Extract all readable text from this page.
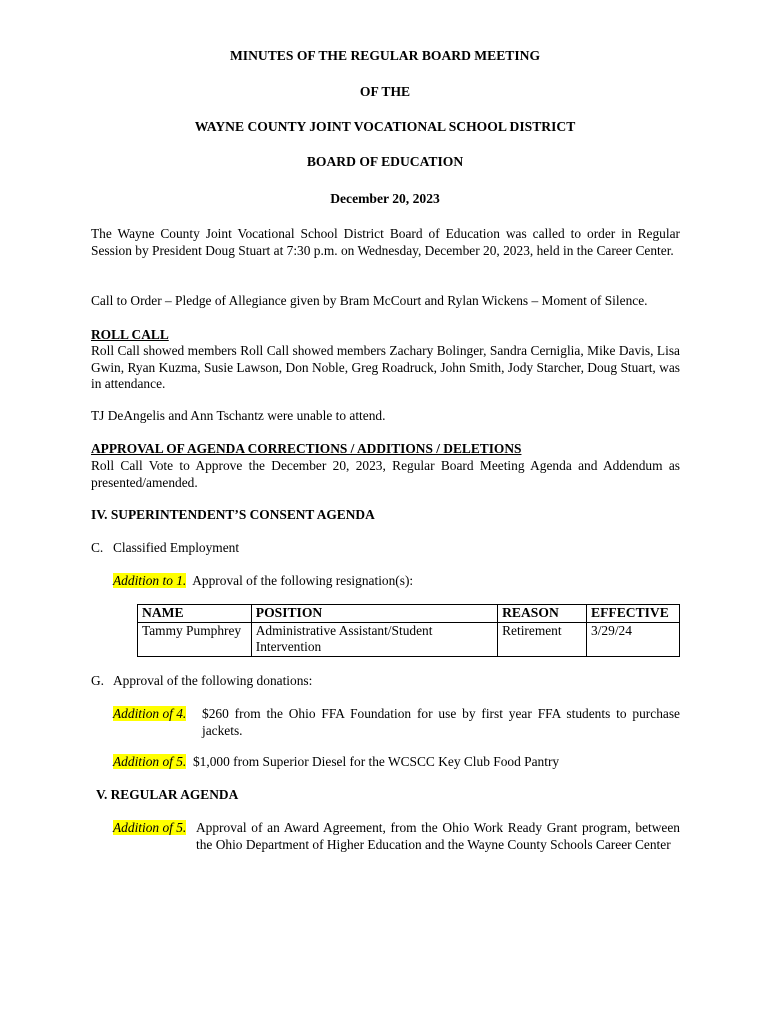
MINUTES OF THE REGULAR BOARD MEETING
OF THE
WAYNE COUNTY JOINT VOCATIONAL SCHOOL DISTRICT
BOARD OF EDUCATION
December 20, 2023
The Wayne County Joint Vocational School District Board of Education was called to order in Regular Session by President Doug Stuart at 7:30 p.m. on Wednesday, December 20, 2023, held in the Career Center.
Call to Order – Pledge of Allegiance given by Bram McCourt and Rylan Wickens – Moment of Silence.
ROLL CALL
Roll Call showed members Roll Call showed members Zachary Bolinger, Sandra Cerniglia, Mike Davis, Lisa Gwin, Ryan Kuzma, Susie Lawson, Don Noble, Greg Roadruck, John Smith, Jody Starcher, Doug Stuart, was in attendance.
TJ DeAngelis and Ann Tschantz were unable to attend.
APPROVAL OF AGENDA CORRECTIONS / ADDITIONS / DELETIONS
Roll Call Vote to Approve the December 20, 2023, Regular Board Meeting Agenda and Addendum as presented/amended.
IV. SUPERINTENDENT’S CONSENT AGENDA
C. Classified Employment
Addition to 1. Approval of the following resignation(s):
NAME	POSITION	REASON	EFFECTIVE
Tammy Pumphrey	Administrative Assistant/Student Intervention	Retirement	3/29/24
G. Approval of the following donations:
Addition of 4. $260 from the Ohio FFA Foundation for use by first year FFA students to purchase jackets.
Addition of 5. $1,000 from Superior Diesel for the WCSCC Key Club Food Pantry
V. REGULAR AGENDA
Addition of 5. Approval of an Award Agreement, from the Ohio Work Ready Grant program, between the Ohio Department of Higher Education and the Wayne County Schools Career Center
